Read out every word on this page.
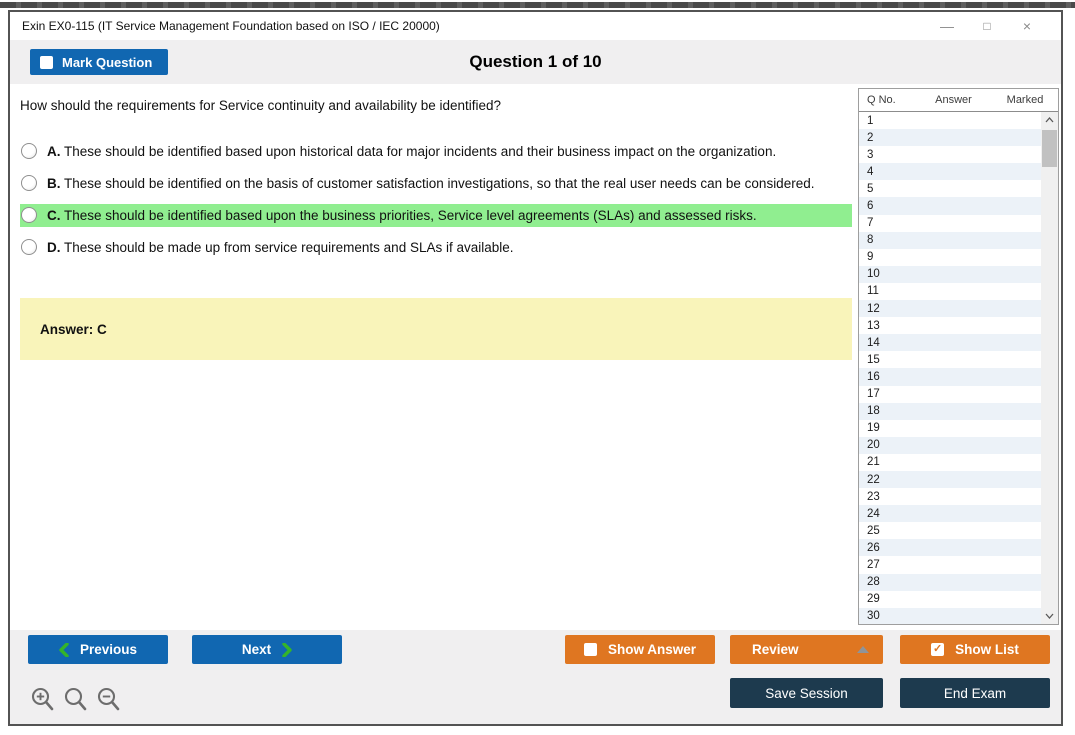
Exin EX0-115 (IT Service Management Foundation based on ISO / IEC 20000)	—	□	×
Mark Question	Question 1 of 10
How should the requirements for Service continuity and availability be identified?
A. These should be identified based upon historical data for major incidents and their business impact on the organization.
B. These should be identified on the basis of customer satisfaction investigations, so that the real user needs can be considered.
C. These should be identified based upon the business priorities, Service level agreements (SLAs) and assessed risks.
D. These should be made up from service requirements and SLAs if available.
Answer: C
Q No.	Answer	Marked
1
2
3
4
5
6
7
8
9
10
11
12
13
14
15
16
17
18
19
20
21
22
23
24
25
26
27
28
29
30
Previous	Next	Show Answer	Review	✓ Show List
Save Session	End Exam
